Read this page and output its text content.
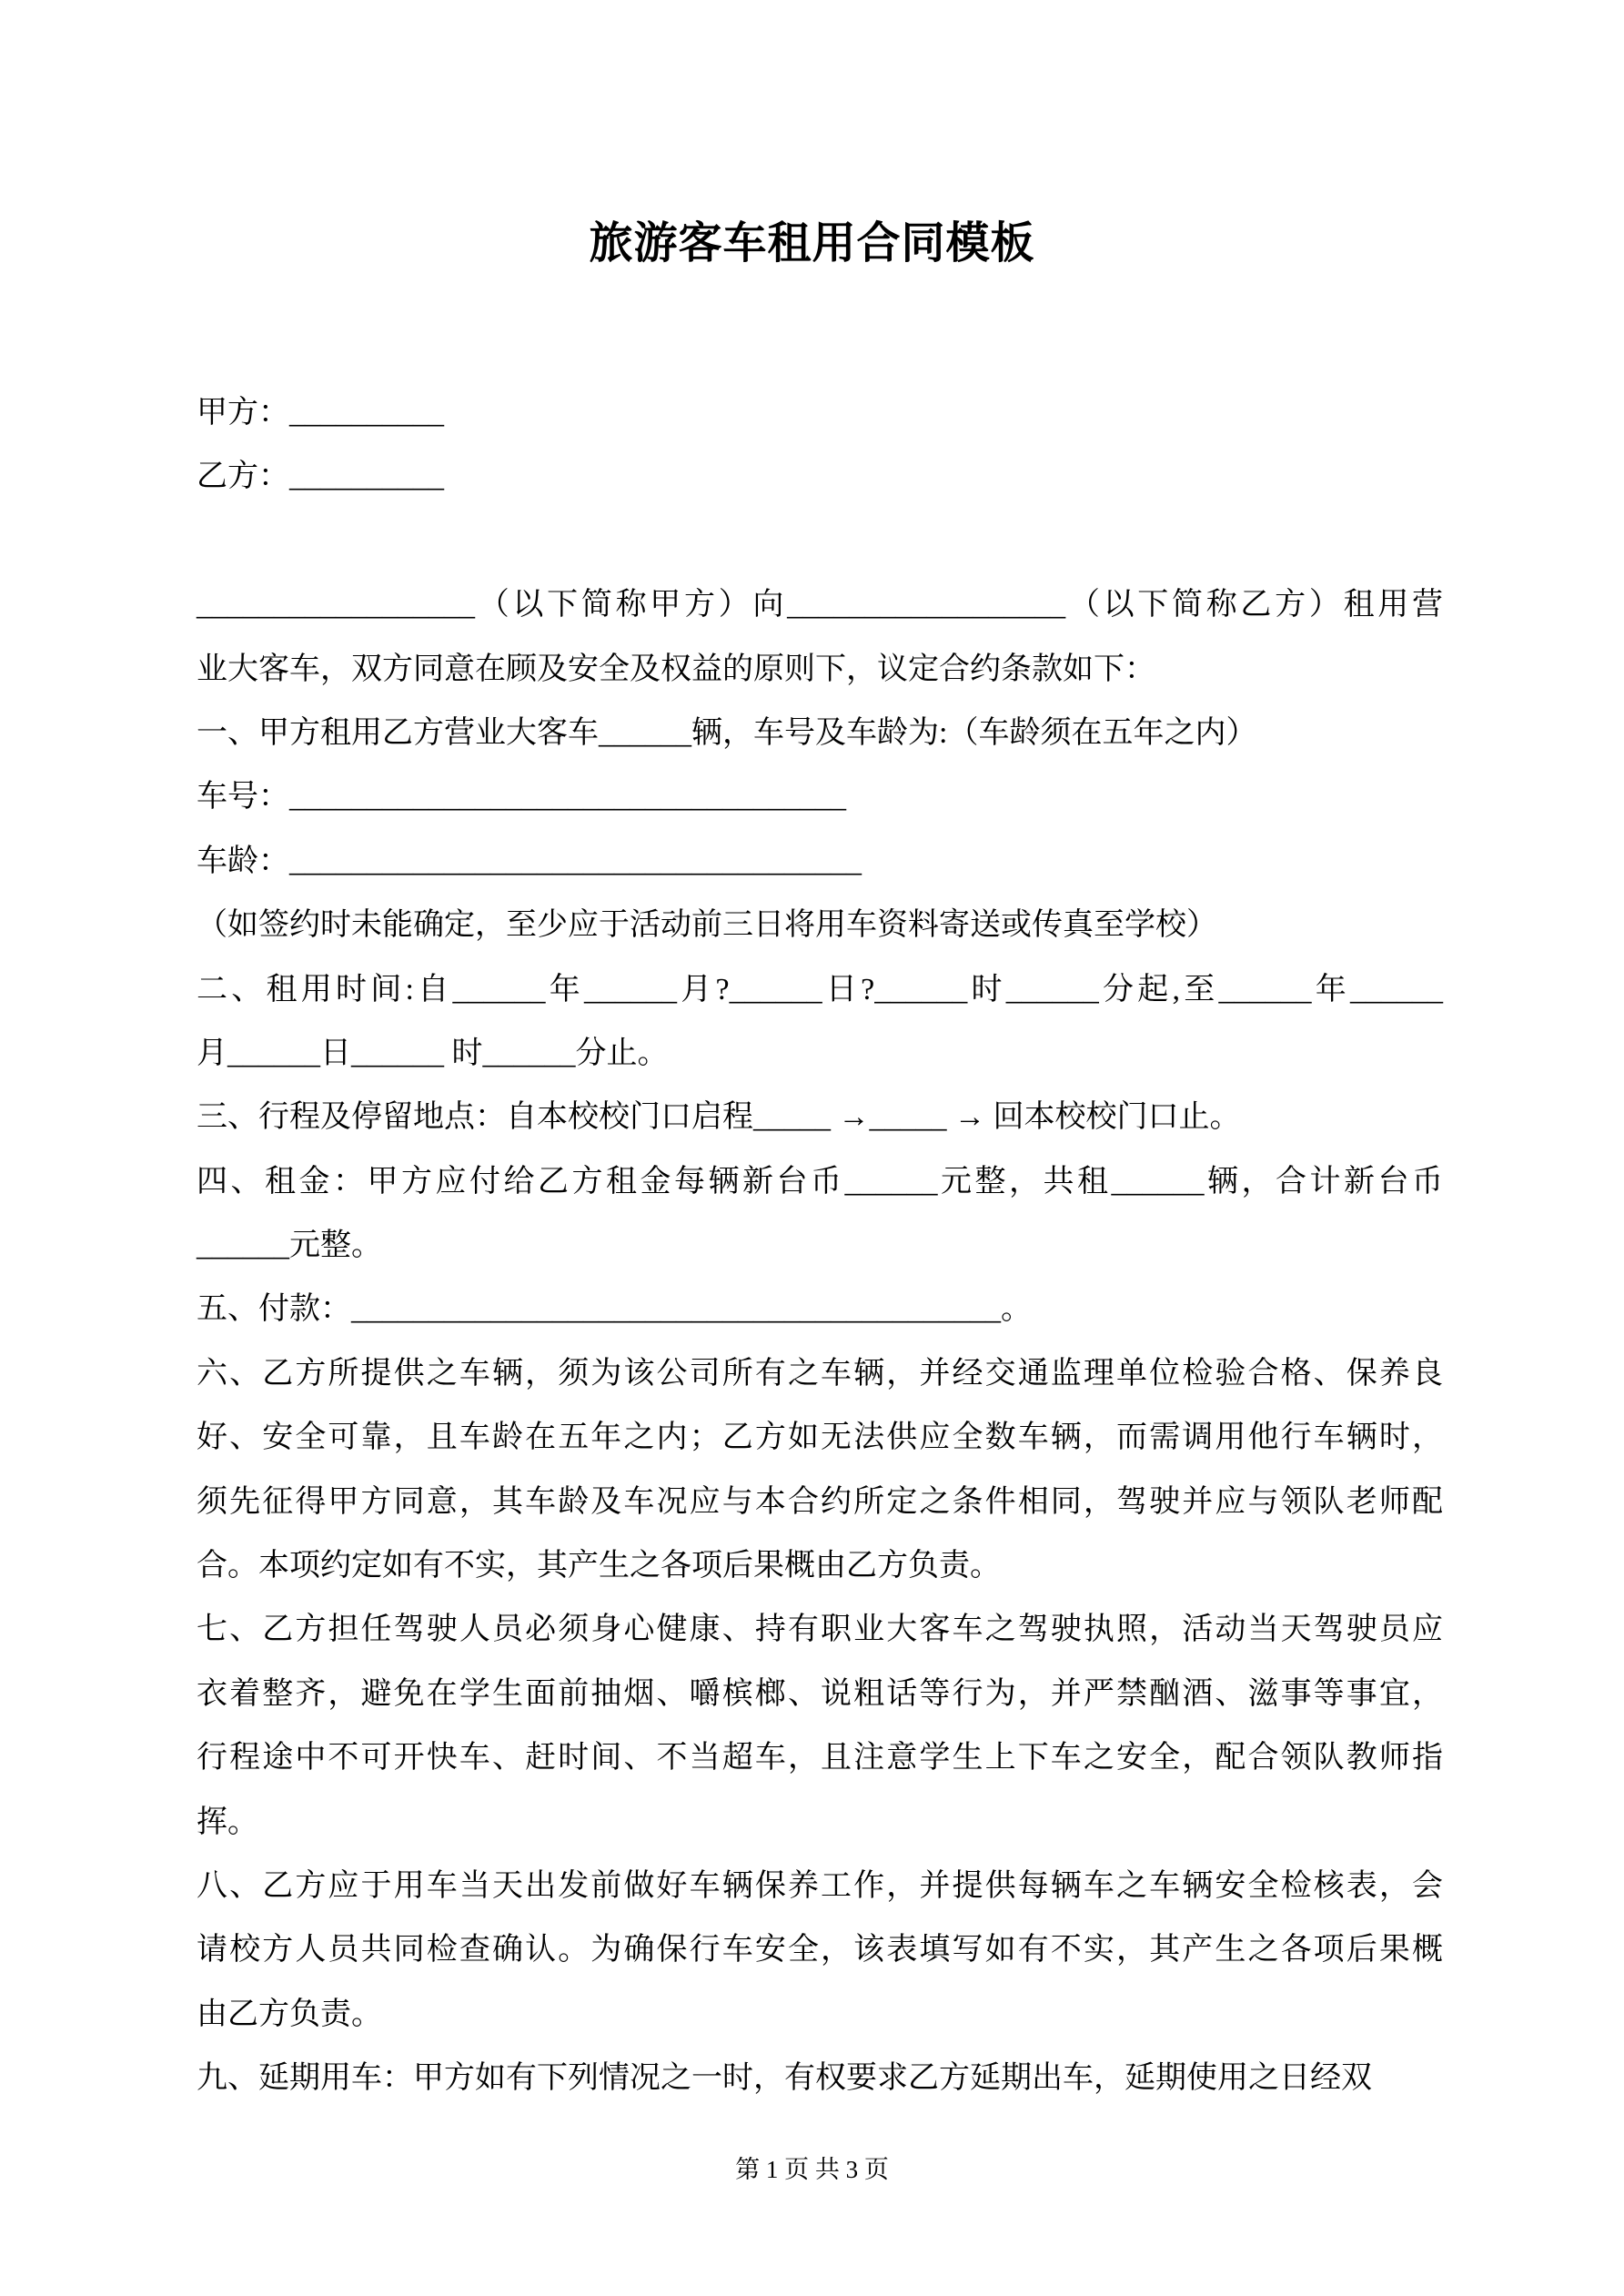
旅游客车租用合同模板
甲方：__________
乙方：__________
__________________（以下简称甲方）向__________________（以下简称乙方）租用营
业大客车，双方同意在顾及安全及权益的原则下，议定合约条款如下：
一、甲方租用乙方营业大客车______辆，车号及车龄为:（车龄须在五年之内）
车号：____________________________________
车龄：_____________________________________
（如签约时未能确定，至少应于活动前三日将用车资料寄送或传真至学校）
二、租用时间:自______年______月?______日?______时______分起,至______年______
月______日______ 时______分止。
三、行程及停留地点：自本校校门口启程_____ →_____ → 回本校校门口止。
四、租金：甲方应付给乙方租金每辆新台币______元整，共租______辆，合计新台币
______元整。
五、付款：__________________________________________。
六、乙方所提供之车辆，须为该公司所有之车辆，并经交通监理单位检验合格、保养良
好、安全可靠，且车龄在五年之内；乙方如无法供应全数车辆，而需调用他行车辆时，
须先征得甲方同意，其车龄及车况应与本合约所定之条件相同，驾驶并应与领队老师配
合。本项约定如有不实，其产生之各项后果概由乙方负责。
七、乙方担任驾驶人员必须身心健康、持有职业大客车之驾驶执照，活动当天驾驶员应
衣着整齐，避免在学生面前抽烟、嚼槟榔、说粗话等行为，并严禁酗酒、滋事等事宜，
行程途中不可开快车、赶时间、不当超车，且注意学生上下车之安全，配合领队教师指
挥。
八、乙方应于用车当天出发前做好车辆保养工作，并提供每辆车之车辆安全检核表，会
请校方人员共同检查确认。为确保行车安全，该表填写如有不实，其产生之各项后果概
由乙方负责。
九、延期用车：甲方如有下列情况之一时，有权要求乙方延期出车，延期使用之日经双
第 1 页 共 3 页
